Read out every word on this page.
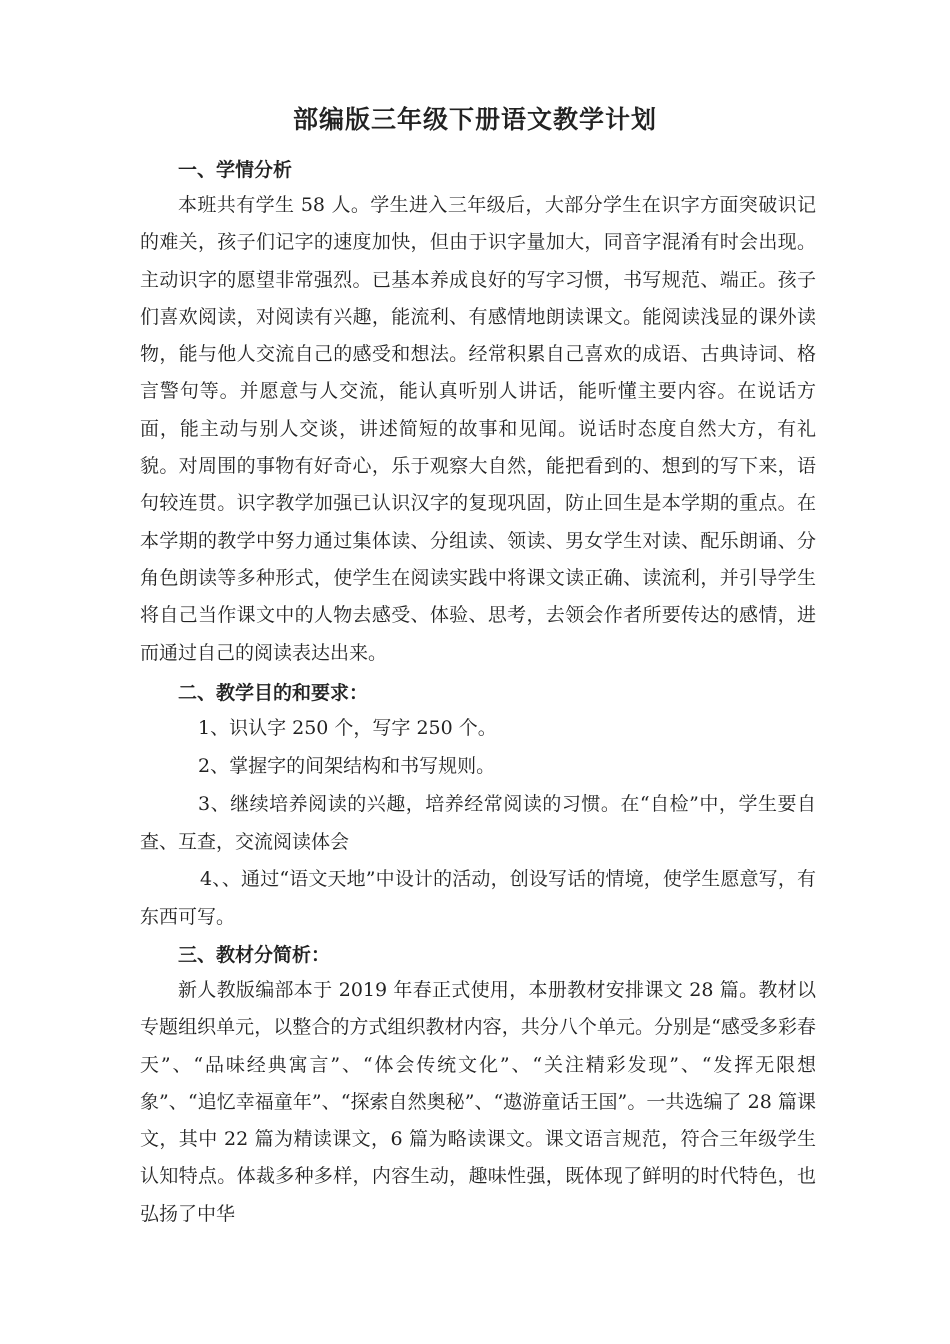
部编版三年级下册语文教学计划
一、学情分析

本班共有学生 58 人。学生进入三年级后，大部分学生在识字方面突破识记的难关，孩子们记字的速度加快，但由于识字量加大，同音字混淆有时会出现。主动识字的愿望非常强烈。已基本养成良好的写字习惯，书写规范、端正。孩子们喜欢阅读，对阅读有兴趣，能流利、有感情地朗读课文。能阅读浅显的课外读物，能与他人交流自己的感受和想法。经常积累自己喜欢的成语、古典诗词、格言警句等。并愿意与人交流，能认真听别人讲话，能听懂主要内容。在说话方面，能主动与别人交谈，讲述简短的故事和见闻。说话时态度自然大方，有礼貌。对周围的事物有好奇心，乐于观察大自然，能把看到的、想到的写下来，语句较连贯。识字教学加强已认识汉字的复现巩固，防止回生是本学期的重点。在本学期的教学中努力通过集体读、分组读、领读、男女学生对读、配乐朗诵、分角色朗读等多种形式，使学生在阅读实践中将课文读正确、读流利，并引导学生将自己当作课文中的人物去感受、体验、思考，去领会作者所要传达的感情，进而通过自己的阅读表达出来。

二、教学目的和要求：

1、识认字 250 个，写字 250 个。

2、掌握字的间架结构和书写规则。

3、继续培养阅读的兴趣，培养经常阅读的习惯。在“自检”中，学生要自查、互查，交流阅读体会

4、、通过“语文天地”中设计的活动，创设写话的情境，使学生愿意写，有东西可写。

三、教材分简析：

新人教版编部本于 2019 年春正式使用，本册教材安排课文 28 篇。教材以专题组织单元，以整合的方式组织教材内容，共分八个单元。分别是“感受多彩春天”、“品味经典寓言”、“体会传统文化”、“关注精彩发现”、“发挥无限想象”、“追忆幸福童年”、“探索自然奥秘”、“遨游童话王国”。一共选编了 28 篇课文，其中 22 篇为精读课文，6 篇为略读课文。课文语言规范，符合三年级学生认知特点。体裁多种多样，内容生动，趣味性强，既体现了鲜明的时代特色，也弘扬了中华
